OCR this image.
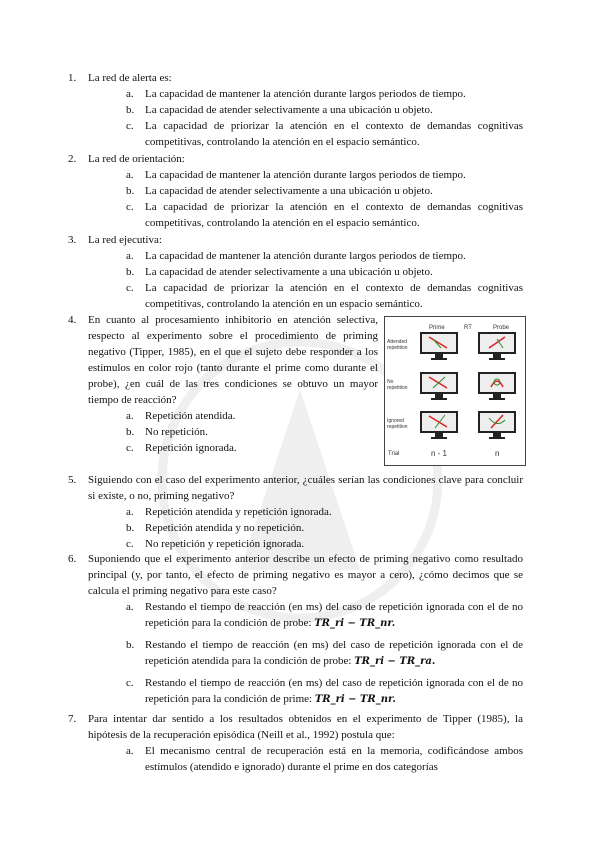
1. La red de alerta es:
a. La capacidad de mantener la atención durante largos periodos de tiempo.
b. La capacidad de atender selectivamente a una ubicación u objeto.
c. La capacidad de priorizar la atención en el contexto de demandas cognitivas competitivas, controlando la atención en el espacio semántico.
2. La red de orientación:
a. La capacidad de mantener la atención durante largos periodos de tiempo.
b. La capacidad de atender selectivamente a una ubicación u objeto.
c. La capacidad de priorizar la atención en el contexto de demandas cognitivas competitivas, controlando la atención en el espacio semántico.
3. La red ejecutiva:
a. La capacidad de mantener la atención durante largos periodos de tiempo.
b. La capacidad de atender selectivamente a una ubicación u objeto.
c. La capacidad de priorizar la atención en el contexto de demandas cognitivas competitivas, controlando la atención en un espacio semántico.
4. En cuanto al procesamiento inhibitorio en atención selectiva, respecto al experimento sobre el procedimiento de priming negativo (Tipper, 1985), en el que el sujeto debe responder a los estímulos en color rojo (tanto durante el prime como durante el probe), ¿en cuál de las tres condiciones se obtuvo un mayor tiempo de reacción?
a. Repetición atendida.
b. No repetición.
c. Repetición ignorada.
Prime	RT	Probe
Attended repetition
No repetition
Ignored repetition
Trial	n - 1	n
5. Siguiendo con el caso del experimento anterior, ¿cuáles serían las condiciones clave para concluir si existe, o no, priming negativo?
a. Repetición atendida y repetición ignorada.
b. Repetición atendida y no repetición.
c. No repetición y repetición ignorada.
6. Suponiendo que el experimento anterior describe un efecto de priming negativo como resultado principal (y, por tanto, el efecto de priming negativo es mayor a cero), ¿cómo decimos que se calcula el priming negativo para este caso?
a. Restando el tiempo de reacción (en ms) del caso de repetición ignorada con el de no repetición para la condición de probe: TR_ri − TR_nr.
b. Restando el tiempo de reacción (en ms) del caso de repetición ignorada con el de repetición atendida para la condición de probe: TR_ri − TR_ra.
c. Restando el tiempo de reacción (en ms) del caso de repetición ignorada con el de no repetición para la condición de prime: TR_ri − TR_nr.
7. Para intentar dar sentido a los resultados obtenidos en el experimento de Tipper (1985), la hipótesis de la recuperación episódica (Neill et al., 1992) postula que:
a. El mecanismo central de recuperación está en la memoria, codificándose ambos estímulos (atendido e ignorado) durante el prime en dos categorías
